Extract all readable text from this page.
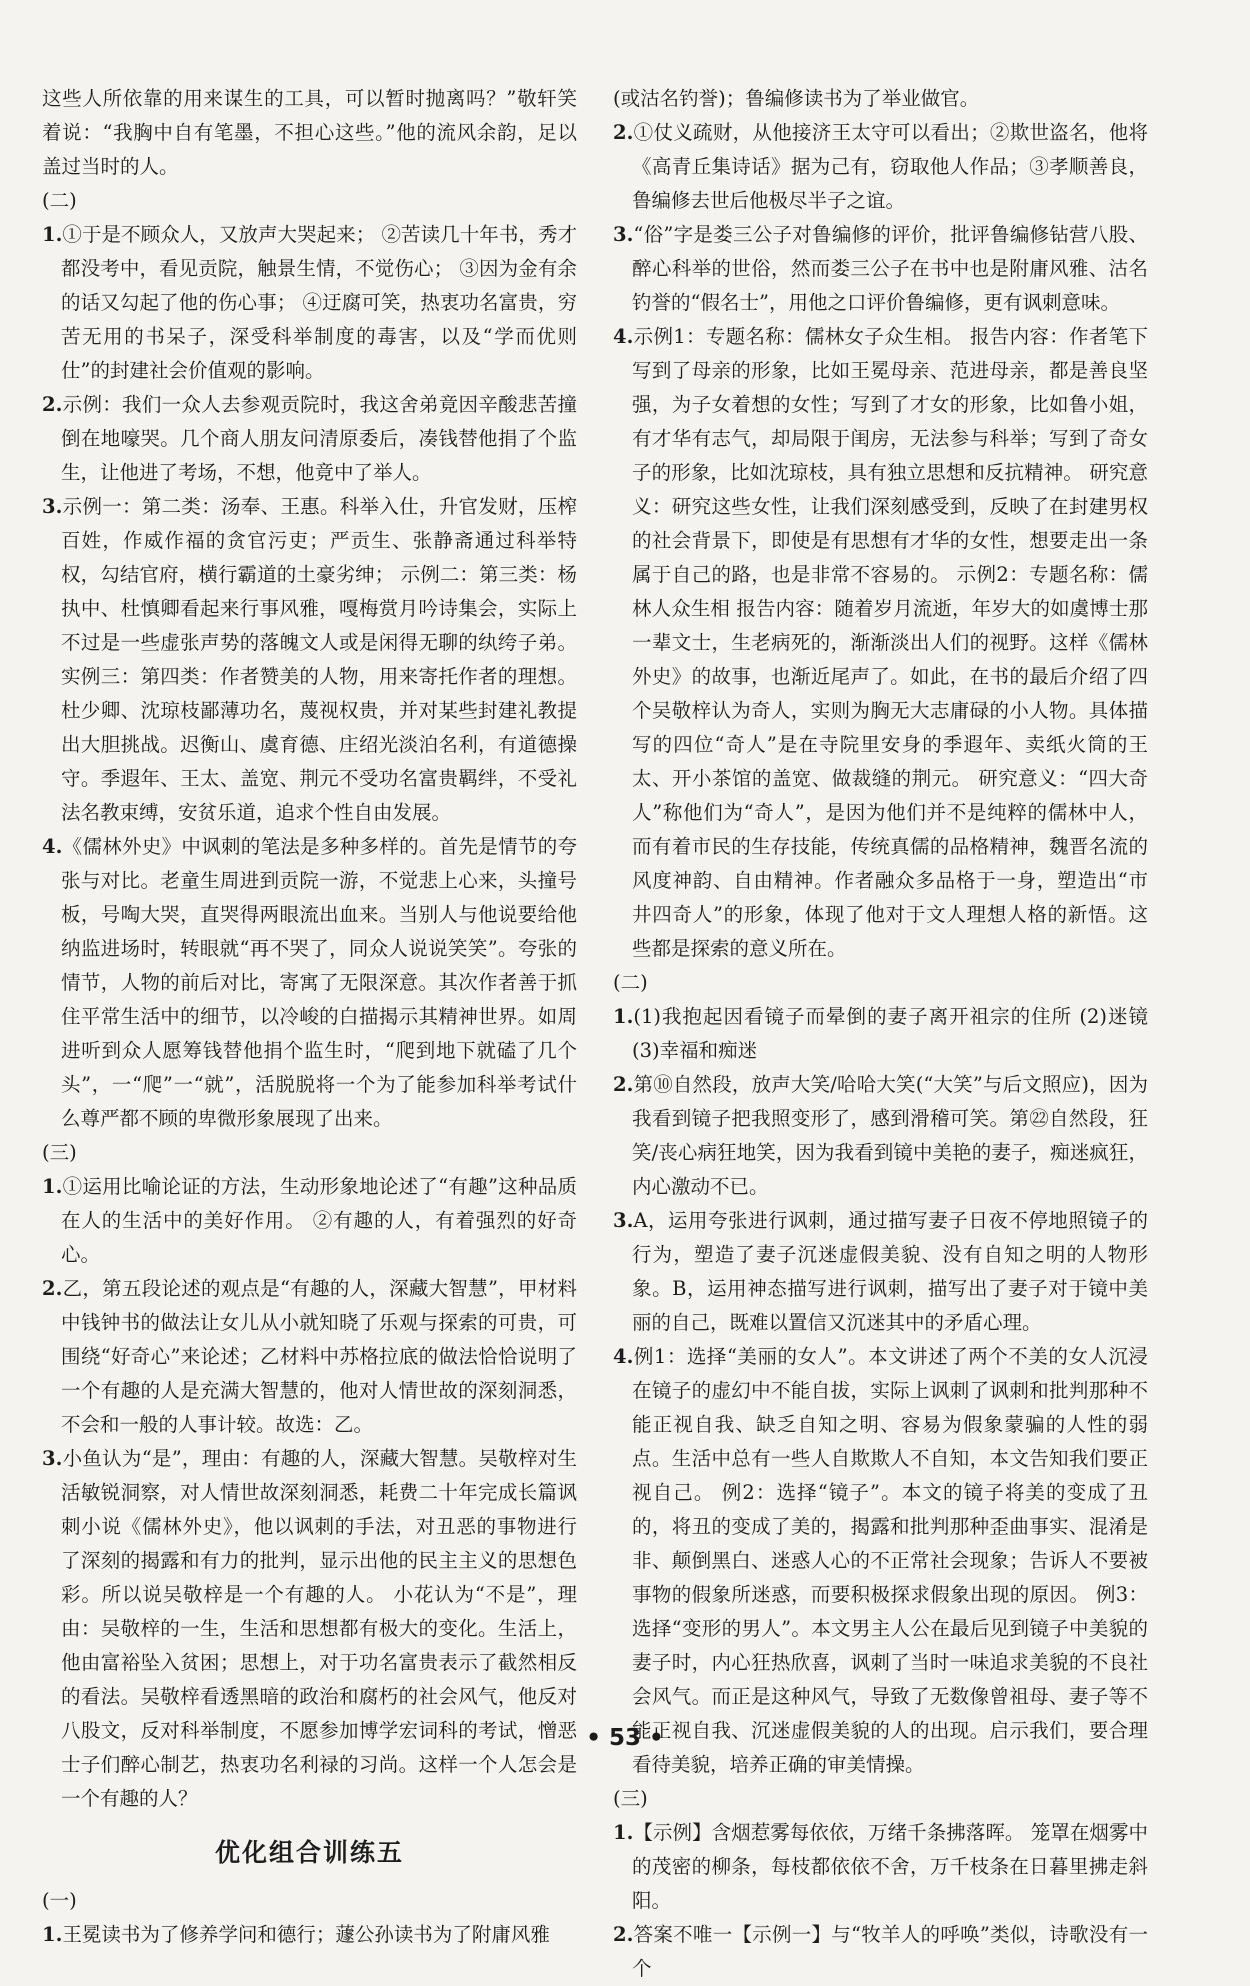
这些人所依靠的用来谋生的工具，可以暂时抛离吗？”敬轩笑着说：“我胸中自有笔墨，不担心这些。”他的流风余韵，足以盖过当时的人。

(二)

1.①于是不顾众人，又放声大哭起来； ②苦读几十年书，秀才都没考中，看见贡院，触景生情，不觉伤心； ③因为金有余的话又勾起了他的伤心事； ④迂腐可笑，热衷功名富贵，穷苦无用的书呆子，深受科举制度的毒害，以及“学而优则仕”的封建社会价值观的影响。

2.示例：我们一众人去参观贡院时，我这舍弟竟因辛酸悲苦撞倒在地嚎哭。几个商人朋友问清原委后，凑钱替他捐了个监生，让他进了考场，不想，他竟中了举人。

3.示例一：第二类：汤奉、王惠。科举入仕，升官发财，压榨百姓，作威作福的贪官污吏；严贡生、张静斋通过科举特权，勾结官府，横行霸道的土豪劣绅； 示例二：第三类：杨执中、杜慎卿看起来行事风雅，嘎梅赏月吟诗集会，实际上不过是一些虚张声势的落魄文人或是闲得无聊的纨绔子弟。 实例三：第四类：作者赞美的人物，用来寄托作者的理想。杜少卿、沈琼枝鄙薄功名，蔑视权贵，并对某些封建礼教提出大胆挑战。迟衡山、虞育德、庄绍光淡泊名利，有道德操守。季遐年、王太、盖宽、荆元不受功名富贵羁绊，不受礼法名教束缚，安贫乐道，追求个性自由发展。

4.《儒林外史》中讽刺的笔法是多种多样的。首先是情节的夸张与对比。老童生周进到贡院一游，不觉悲上心来，头撞号板，号啕大哭，直哭得两眼流出血来。当别人与他说要给他纳监进场时，转眼就“再不哭了，同众人说说笑笑”。夸张的情节，人物的前后对比，寄寓了无限深意。其次作者善于抓住平常生活中的细节，以冷峻的白描揭示其精神世界。如周进听到众人愿筹钱替他捐个监生时，“爬到地下就磕了几个头”，一“爬”一“就”，活脱脱将一个为了能参加科举考试什么尊严都不顾的卑微形象展现了出来。

(三)

1.①运用比喻论证的方法，生动形象地论述了“有趣”这种品质在人的生活中的美好作用。 ②有趣的人，有着强烈的好奇心。

2.乙，第五段论述的观点是“有趣的人，深藏大智慧”，甲材料中钱钟书的做法让女儿从小就知晓了乐观与探索的可贵，可围绕“好奇心”来论述；乙材料中苏格拉底的做法恰恰说明了一个有趣的人是充满大智慧的，他对人情世故的深刻洞悉，不会和一般的人事计较。故选：乙。

3.小鱼认为“是”，理由：有趣的人，深藏大智慧。吴敬梓对生活敏锐洞察，对人情世故深刻洞悉，耗费二十年完成长篇讽刺小说《儒林外史》，他以讽刺的手法，对丑恶的事物进行了深刻的揭露和有力的批判，显示出他的民主主义的思想色彩。所以说吴敬梓是一个有趣的人。 小花认为“不是”，理由：吴敬梓的一生，生活和思想都有极大的变化。生活上，他由富裕坠入贫困；思想上，对于功名富贵表示了截然相反的看法。吴敬梓看透黑暗的政治和腐朽的社会风气，他反对八股文，反对科举制度，不愿参加博学宏词科的考试，憎恶士子们醉心制艺，热衷功名利禄的习尚。这样一个人怎会是一个有趣的人？

优化组合训练五

(一)

1.王冕读书为了修养学问和德行；蘧公孙读书为了附庸风雅

(或沽名钓誉)；鲁编修读书为了举业做官。

2.①仗义疏财，从他接济王太守可以看出；②欺世盗名，他将《高青丘集诗话》据为己有，窃取他人作品；③孝顺善良，鲁编修去世后他极尽半子之谊。

3.“俗”字是娄三公子对鲁编修的评价，批评鲁编修钻营八股、醉心科举的世俗，然而娄三公子在书中也是附庸风雅、沽名钓誉的“假名士”，用他之口评价鲁编修，更有讽刺意味。

4.示例1：专题名称：儒林女子众生相。 报告内容：作者笔下写到了母亲的形象，比如王冕母亲、范进母亲，都是善良坚强，为子女着想的女性；写到了才女的形象，比如鲁小姐，有才华有志气，却局限于闺房，无法参与科举；写到了奇女子的形象，比如沈琼枝，具有独立思想和反抗精神。 研究意义：研究这些女性，让我们深刻感受到，反映了在封建男权的社会背景下，即使是有思想有才华的女性，想要走出一条属于自己的路，也是非常不容易的。 示例2：专题名称：儒林人众生相 报告内容：随着岁月流逝，年岁大的如虞博士那一辈文士，生老病死的，渐渐淡出人们的视野。这样《儒林外史》的故事，也渐近尾声了。如此，在书的最后介绍了四个吴敬梓认为奇人，实则为胸无大志庸碌的小人物。具体描写的四位“奇人”是在寺院里安身的季遐年、卖纸火筒的王太、开小茶馆的盖宽、做裁缝的荆元。 研究意义：“四大奇人”称他们为“奇人”，是因为他们并不是纯粹的儒林中人，而有着市民的生存技能，传统真儒的品格精神，魏晋名流的风度神韵、自由精神。作者融众多品格于一身，塑造出“市井四奇人”的形象，体现了他对于文人理想人格的新悟。这些都是探索的意义所在。

(二)

1.(1)我抱起因看镜子而晕倒的妻子离开祖宗的住所 (2)迷镜 (3)幸福和痴迷

2.第⑩自然段，放声大笑/哈哈大笑(“大笑”与后文照应)，因为我看到镜子把我照变形了，感到滑稽可笑。第㉒自然段，狂笑/丧心病狂地笑，因为我看到镜中美艳的妻子，痴迷疯狂，内心激动不已。

3.A，运用夸张进行讽刺，通过描写妻子日夜不停地照镜子的行为，塑造了妻子沉迷虚假美貌、没有自知之明的人物形象。B，运用神态描写进行讽刺，描写出了妻子对于镜中美丽的自己，既难以置信又沉迷其中的矛盾心理。

4.例1：选择“美丽的女人”。本文讲述了两个不美的女人沉浸在镜子的虚幻中不能自拔，实际上讽刺了讽刺和批判那种不能正视自我、缺乏自知之明、容易为假象蒙骗的人性的弱点。生活中总有一些人自欺欺人不自知，本文告知我们要正视自己。 例2：选择“镜子”。本文的镜子将美的变成了丑的，将丑的变成了美的，揭露和批判那种歪曲事实、混淆是非、颠倒黑白、迷惑人心的不正常社会现象；告诉人不要被事物的假象所迷惑，而要积极探求假象出现的原因。 例3：选择“变形的男人”。本文男主人公在最后见到镜子中美貌的妻子时，内心狂热欣喜，讽刺了当时一味追求美貌的不良社会风气。而正是这种风气，导致了无数像曾祖母、妻子等不能正视自我、沉迷虚假美貌的人的出现。启示我们，要合理看待美貌，培养正确的审美情操。

(三)

1.【示例】含烟惹雾每依依，万绪千条拂落晖。 笼罩在烟雾中的茂密的柳条，每枝都依依不舍，万千枝条在日暮里拂走斜阳。

2.答案不唯一【示例一】与“牧羊人的呼唤”类似，诗歌没有一个

• 53 •
